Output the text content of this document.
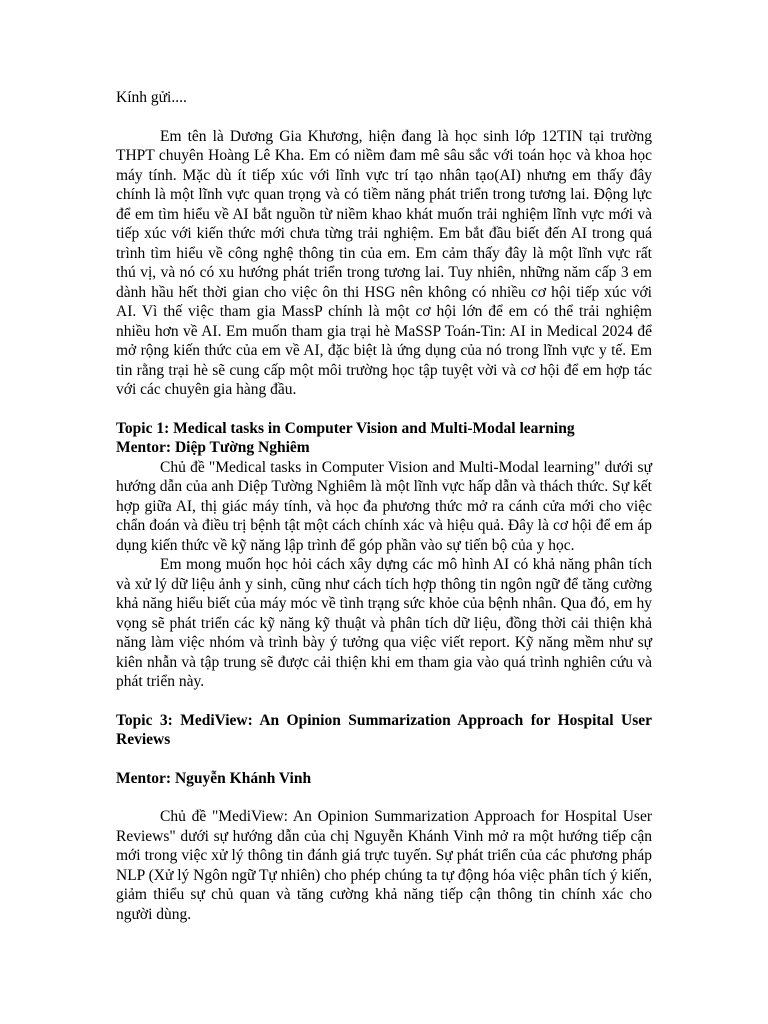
Kính gửi....

Em tên là Dương Gia Khương, hiện đang là học sinh lớp 12TIN tại trường THPT chuyên Hoàng Lê Kha. Em có niềm đam mê sâu sắc với toán học và khoa học máy tính. Mặc dù ít tiếp xúc với lĩnh vực trí tạo nhân tạo(AI) nhưng em thấy đây chính là một lĩnh vực quan trọng và có tiềm năng phát triển trong tương lai. Động lực để em tìm hiểu về AI bắt nguồn từ niềm khao khát muốn trải nghiệm lĩnh vực mới và tiếp xúc với kiến thức mới chưa từng trải nghiệm. Em bắt đầu biết đến AI trong quá trình tìm hiểu về công nghệ thông tin của em. Em cảm thấy đây là một lĩnh vực rất thú vị, và nó có xu hướng phát triển trong tương lai. Tuy nhiên, những năm cấp 3 em dành hầu hết thời gian cho việc ôn thi HSG nên không có nhiều cơ hội tiếp xúc với AI. Vì thế việc tham gia MassP chính là một cơ hội lớn để em có thể trải nghiệm nhiều hơn về AI. Em muốn tham gia trại hè MaSSP Toán-Tin: AI in Medical 2024 để mở rộng kiến thức của em về AI, đặc biệt là ứng dụng của nó trong lĩnh vực y tế. Em tin rằng trại hè sẽ cung cấp một môi trường học tập tuyệt vời và cơ hội để em hợp tác với các chuyên gia hàng đầu.

Topic 1: Medical tasks in Computer Vision and Multi-Modal learning

Mentor: Diệp Tường Nghiêm

Chủ đề "Medical tasks in Computer Vision and Multi-Modal learning" dưới sự hướng dẫn của anh Diệp Tường Nghiêm là một lĩnh vực hấp dẫn và thách thức. Sự kết hợp giữa AI, thị giác máy tính, và học đa phương thức mở ra cánh cửa mới cho việc chẩn đoán và điều trị bệnh tật một cách chính xác và hiệu quả. Đây là cơ hội để em áp dụng kiến thức về kỹ năng lập trình để góp phần vào sự tiến bộ của y học.

Em mong muốn học hỏi cách xây dựng các mô hình AI có khả năng phân tích và xử lý dữ liệu ảnh y sinh, cũng như cách tích hợp thông tin ngôn ngữ để tăng cường khả năng hiểu biết của máy móc về tình trạng sức khỏe của bệnh nhân. Qua đó, em hy vọng sẽ phát triển các kỹ năng kỹ thuật và phân tích dữ liệu, đồng thời cải thiện khả năng làm việc nhóm và trình bày ý tưởng qua việc viết report. Kỹ năng mềm như sự kiên nhẫn và tập trung sẽ được cải thiện khi em tham gia vào quá trình nghiên cứu và phát triển này.

Topic 3: MediView: An Opinion Summarization Approach for Hospital User Reviews

Mentor: Nguyễn Khánh Vinh

Chủ đề "MediView: An Opinion Summarization Approach for Hospital User Reviews" dưới sự hướng dẫn của chị Nguyễn Khánh Vinh mở ra một hướng tiếp cận mới trong việc xử lý thông tin đánh giá trực tuyến. Sự phát triển của các phương pháp NLP (Xử lý Ngôn ngữ Tự nhiên) cho phép chúng ta tự động hóa việc phân tích ý kiến, giảm thiểu sự chủ quan và tăng cường khả năng tiếp cận thông tin chính xác cho người dùng.
